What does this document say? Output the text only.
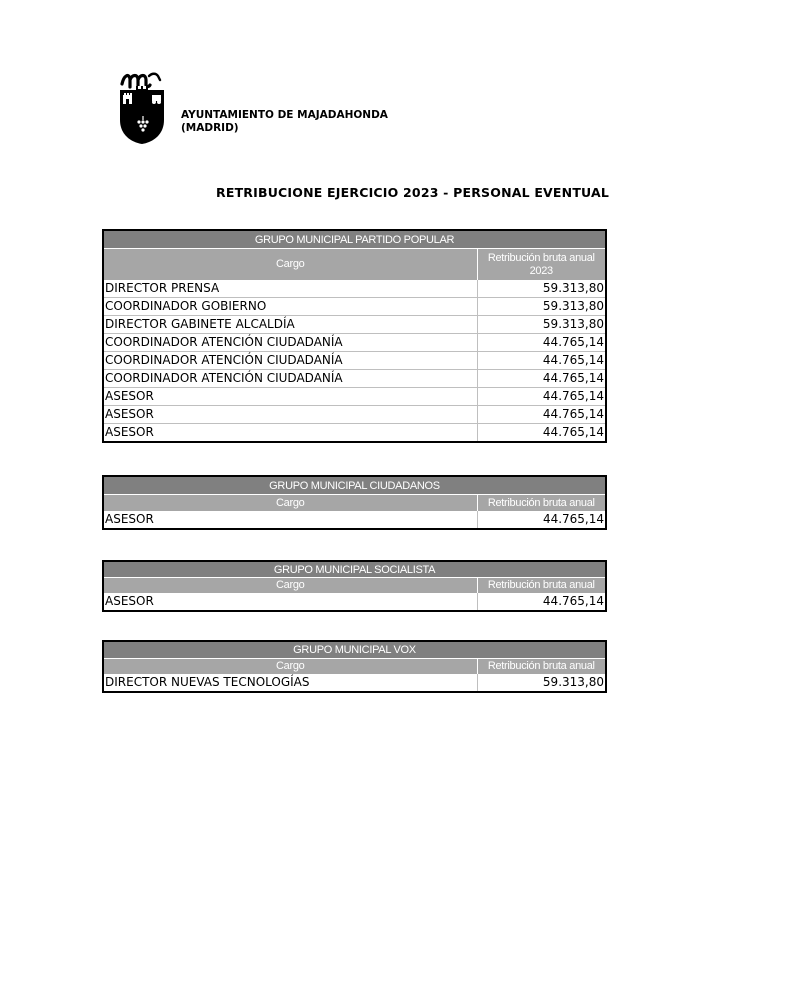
AYUNTAMIENTO DE MAJADAHONDA
(MADRID)
RETRIBUCIONE EJERCICIO 2023 - PERSONAL EVENTUAL
GRUPO MUNICIPAL PARTIDO POPULAR	
Cargo	Retribución bruta anual 2023
DIRECTOR PRENSA	59.313,80
COORDINADOR GOBIERNO	59.313,80
DIRECTOR GABINETE ALCALDÍA	59.313,80
COORDINADOR ATENCIÓN CIUDADANÍA	44.765,14
COORDINADOR ATENCIÓN CIUDADANÍA	44.765,14
COORDINADOR ATENCIÓN CIUDADANÍA	44.765,14
ASESOR	44.765,14
ASESOR	44.765,14
ASESOR	44.765,14
GRUPO MUNICIPAL CIUDADANOS	
Cargo	Retribución bruta anual
ASESOR	44.765,14
GRUPO MUNICIPAL SOCIALISTA	
Cargo	Retribución bruta anual
ASESOR	44.765,14
GRUPO MUNICIPAL VOX	
Cargo	Retribución bruta anual
DIRECTOR NUEVAS TECNOLOGÍAS	59.313,80
